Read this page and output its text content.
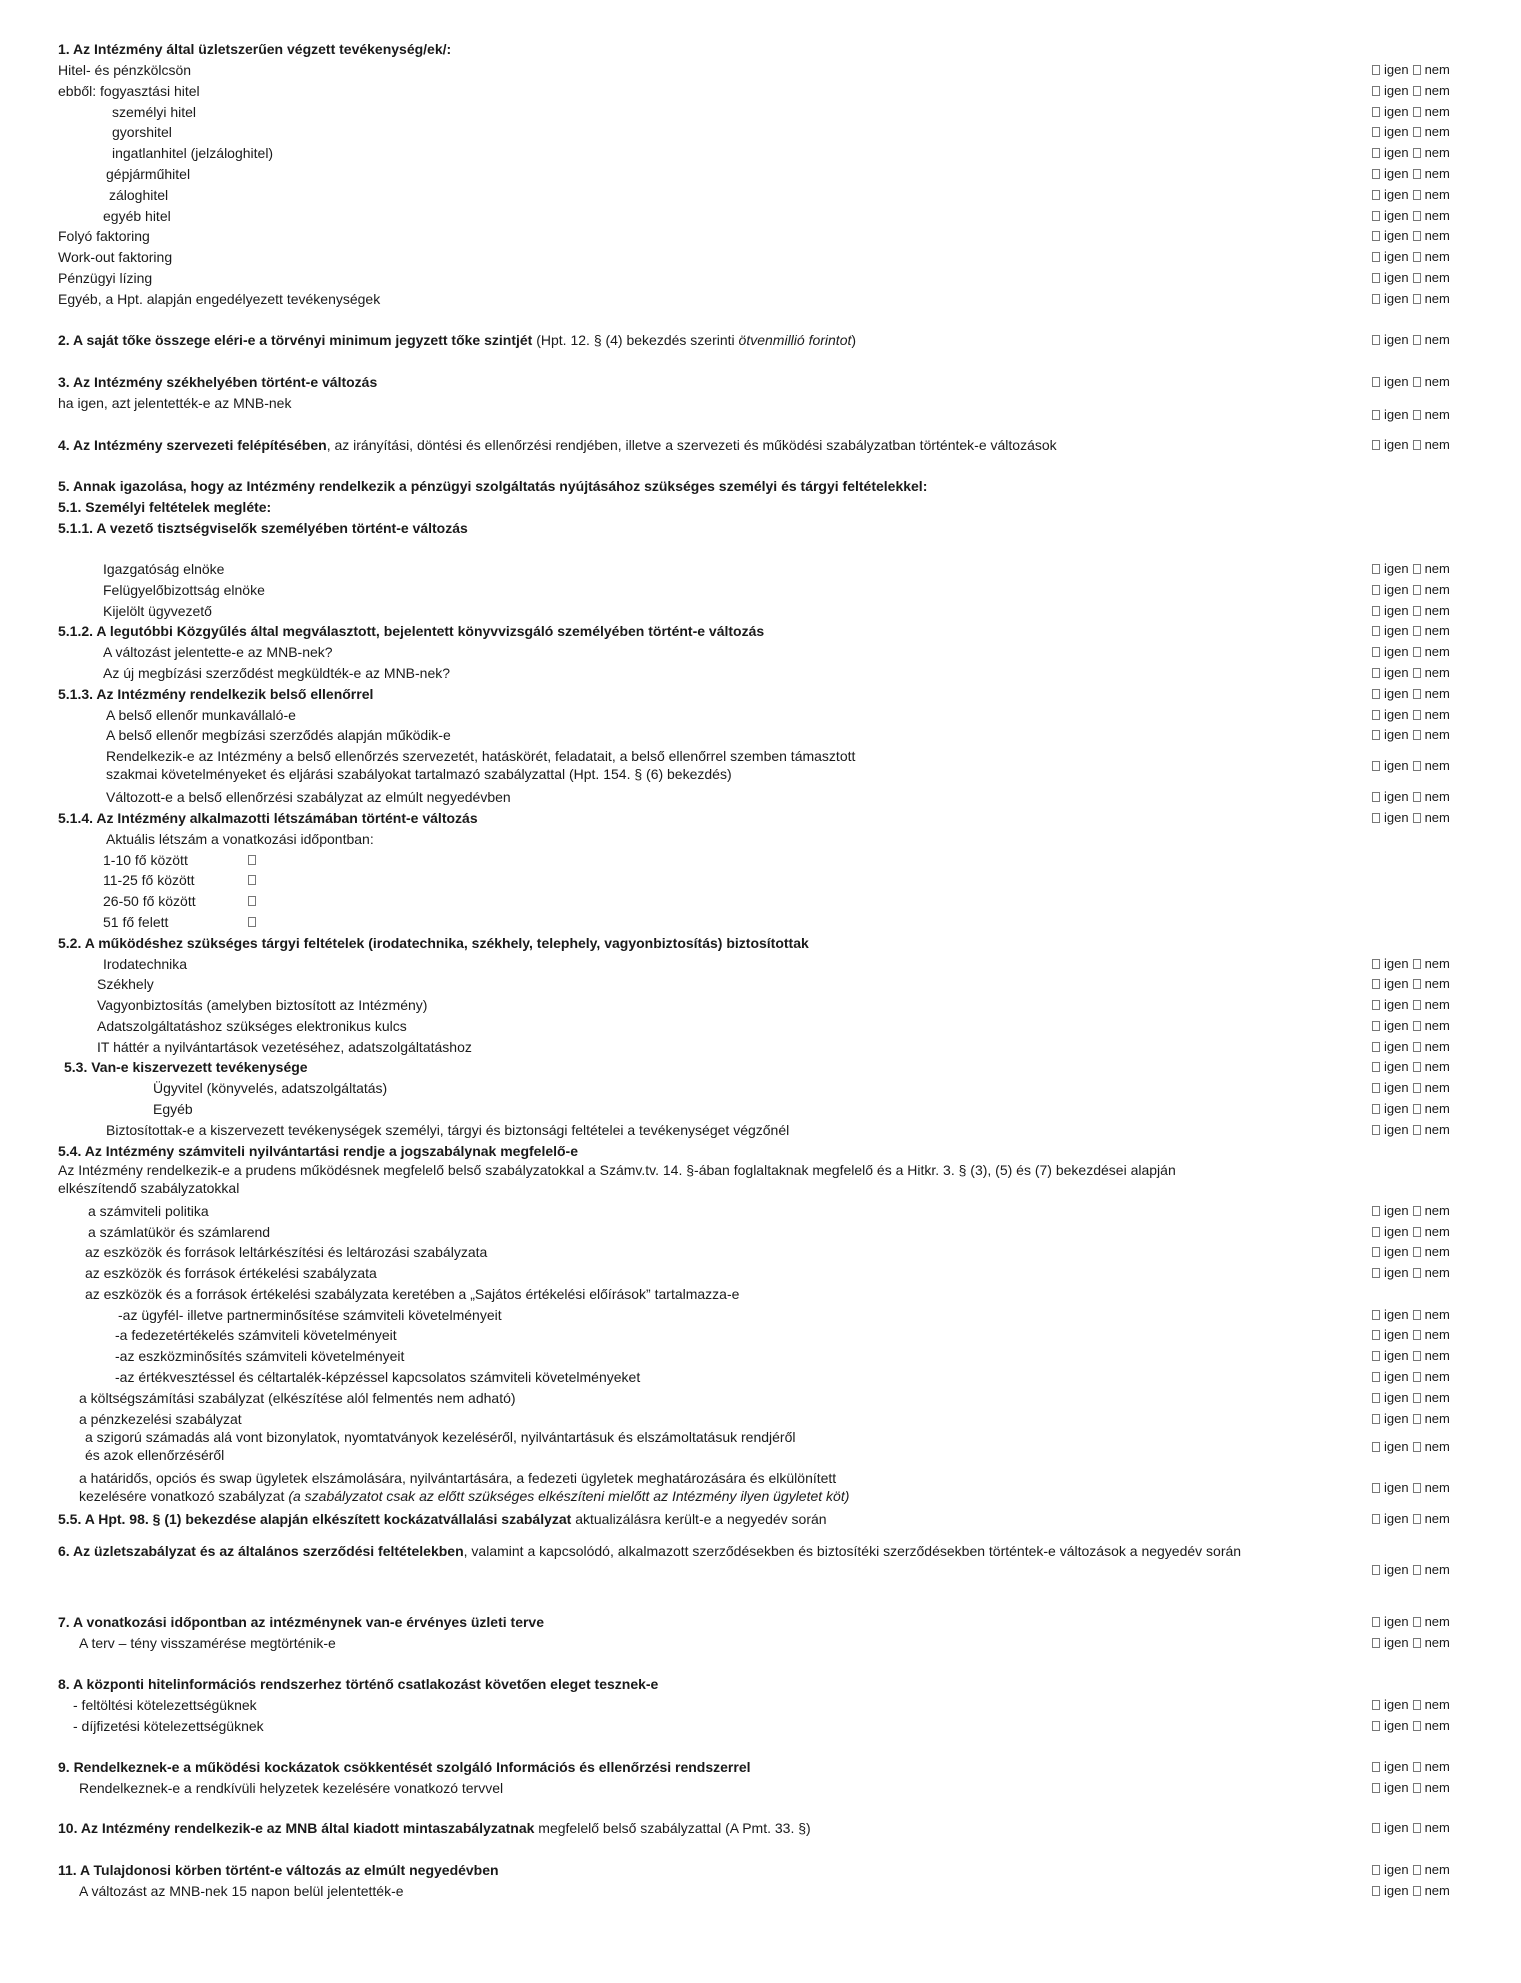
1. Az Intézmény által üzletszerűen végzett tevékenység/ek/:
Hitel- és pénzkölcsön	igen nem
ebből: fogyasztási hitel	igen nem
személyi hitel	igen nem
gyorshitel	igen nem
ingatlanhitel (jelzáloghitel)	igen nem
gépjárműhitel	igen nem
záloghitel	igen nem
egyéb hitel	igen nem
Folyó faktoring	igen nem
Work-out faktoring	igen nem
Pénzügyi lízing	igen nem
Egyéb, a Hpt. alapján engedélyezett tevékenységek	igen nem
2. A saját tőke összege eléri-e a törvényi minimum jegyzett tőke szintjét (Hpt. 12. § (4) bekezdés szerinti ötvenmillió forintot)	igen nem
3. Az Intézmény székhelyében történt-e változás	igen nem
ha igen, azt jelentették-e az MNB-nek
igen nem
4. Az Intézmény szervezeti felépítésében, az irányítási, döntési és ellenőrzési rendjében, illetve a szervezeti és működési szabályzatban történtek-e változások	igen nem
5. Annak igazolása, hogy az Intézmény rendelkezik a pénzügyi szolgáltatás nyújtásához szükséges személyi és tárgyi feltételekkel:
5.1. Személyi feltételek megléte:
5.1.1. A vezető tisztségviselők személyében történt-e változás
Igazgatóság elnöke	igen nem
Felügyelőbizottság elnöke	igen nem
Kijelölt ügyvezető	igen nem
5.1.2. A legutóbbi Közgyűlés által megválasztott, bejelentett könyvvizsgáló személyében történt-e változás	igen nem
A változást jelentette-e az MNB-nek?	igen nem
Az új megbízási szerződést megküldték-e az MNB-nek?	igen nem
5.1.3. Az Intézmény rendelkezik belső ellenőrrel	igen nem
A belső ellenőr munkavállaló-e	igen nem
A belső ellenőr megbízási szerződés alapján működik-e	igen nem
Rendelkezik-e az Intézmény a belső ellenőrzés szervezetét, hatáskörét, feladatait, a belső ellenőrrel szemben támasztott
szakmai követelményeket és eljárási szabályokat tartalmazó szabályzattal (Hpt. 154. § (6) bekezdés)
igen nem
Változott-e a belső ellenőrzési szabályzat az elmúlt negyedévben	igen nem
5.1.4. Az Intézmény alkalmazotti létszámában történt-e változás	igen nem
Aktuális létszám a vonatkozási időpontban:
1-10 fő között
11-25 fő között
26-50 fő között
51 fő felett
5.2. A működéshez szükséges tárgyi feltételek (irodatechnika, székhely, telephely, vagyonbiztosítás) biztosítottak
Irodatechnika	igen nem
Székhely	igen nem
Vagyonbiztosítás (amelyben biztosított az Intézmény)	igen nem
Adatszolgáltatáshoz szükséges elektronikus kulcs	igen nem
IT háttér a nyilvántartások vezetéséhez, adatszolgáltatáshoz	igen nem
5.3. Van-e kiszervezett tevékenysége	igen nem
Ügyvitel (könyvelés, adatszolgáltatás)	igen nem
Egyéb	igen nem
Biztosítottak-e a kiszervezett tevékenységek személyi, tárgyi és biztonsági feltételei a tevékenységet végzőnél	igen nem
5.4. Az Intézmény számviteli nyilvántartási rendje a jogszabálynak megfelelő-e
Az Intézmény rendelkezik-e a prudens működésnek megfelelő belső szabályzatokkal a Számv.tv. 14. §-ában foglaltaknak megfelelő és a Hitkr. 3. § (3), (5) és (7) bekezdései alapján
elkészítendő szabályzatokkal
a számviteli politika	igen nem
a számlatükör és számlarend	igen nem
az eszközök és források leltárkészítési és leltározási szabályzata	igen nem
az eszközök és források értékelési szabályzata	igen nem
az eszközök és a források értékelési szabályzata keretében a „Sajátos értékelési előírások” tartalmazza-e
-az ügyfél- illetve partnerminősítése számviteli követelményeit	igen nem
-a fedezetértékelés számviteli követelményeit	igen nem
-az eszközminősítés számviteli követelményeit	igen nem
-az értékvesztéssel és céltartalék-képzéssel kapcsolatos számviteli követelményeket	igen nem
a költségszámítási szabályzat (elkészítése alól felmentés nem adható)	igen nem
a pénzkezelési szabályzat	igen nem
a szigorú számadás alá vont bizonylatok, nyomtatványok kezeléséről, nyilvántartásuk és elszámoltatásuk rendjéről
és azok ellenőrzéséről
igen nem
a határidős, opciós és swap ügyletek elszámolására, nyilvántartására, a fedezeti ügyletek meghatározására és elkülönített
kezelésére vonatkozó szabályzat (a szabályzatot csak az előtt szükséges elkészíteni mielőtt az Intézmény ilyen ügyletet köt)
igen nem
5.5. A Hpt. 98. § (1) bekezdése alapján elkészített kockázatvállalási szabályzat aktualizálásra került-e a negyedév során	igen nem
6. Az üzletszabályzat és az általános szerződési feltételekben, valamint a kapcsolódó, alkalmazott szerződésekben és biztosítéki szerződésekben történtek-e változások a negyedév során
igen nem
7. A vonatkozási időpontban az intézménynek van-e érvényes üzleti terve	igen nem
A terv – tény visszamérése megtörténik-e	igen nem
8. A központi hitelinformációs rendszerhez történő csatlakozást követően eleget tesznek-e
- feltöltési kötelezettségüknek	igen nem
- díjfizetési kötelezettségüknek	igen nem
9. Rendelkeznek-e a működési kockázatok csökkentését szolgáló Információs és ellenőrzési rendszerrel	igen nem
Rendelkeznek-e a rendkívüli helyzetek kezelésére vonatkozó tervvel	igen nem
10. Az Intézmény rendelkezik-e az MNB által kiadott mintaszabályzatnak megfelelő belső szabályzattal (A Pmt. 33. §)	igen nem
11. A Tulajdonosi körben történt-e változás az elmúlt negyedévben	igen nem
A változást az MNB-nek 15 napon belül jelentették-e	igen nem
